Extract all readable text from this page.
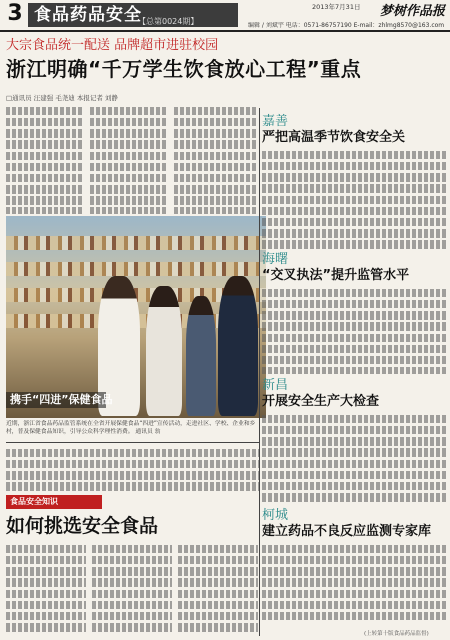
3 食品药品安全
【总第0024期】
2013年7月31日 梦树作品报
编辑 / 刘斌宇 电话：0571-86757190 E-mail：zhlmg8570@163.com
大宗食品统一配送 品牌超市进驻校园
浙江明确“千万学生饮食放心工程”重点
□通讯员 汪建强 毛尧迪 本报记者 刘静
携手“四进”保健食品
近期，浙江省食品药品监管系统在全省开展保健食品“四进”宣传活动，走进社区、学校、企业和乡村，普及保健食品知识，引导公众科学理性消费。 通讯员 翁
食品安全知识
如何挑选安全食品
嘉善
严把高温季节饮食安全关
海曙
“交叉执法”提升监管水平
新昌
开展安全生产大检查
柯城
建立药品不良反应监测专家库
(上转第十版食品药品监督)
